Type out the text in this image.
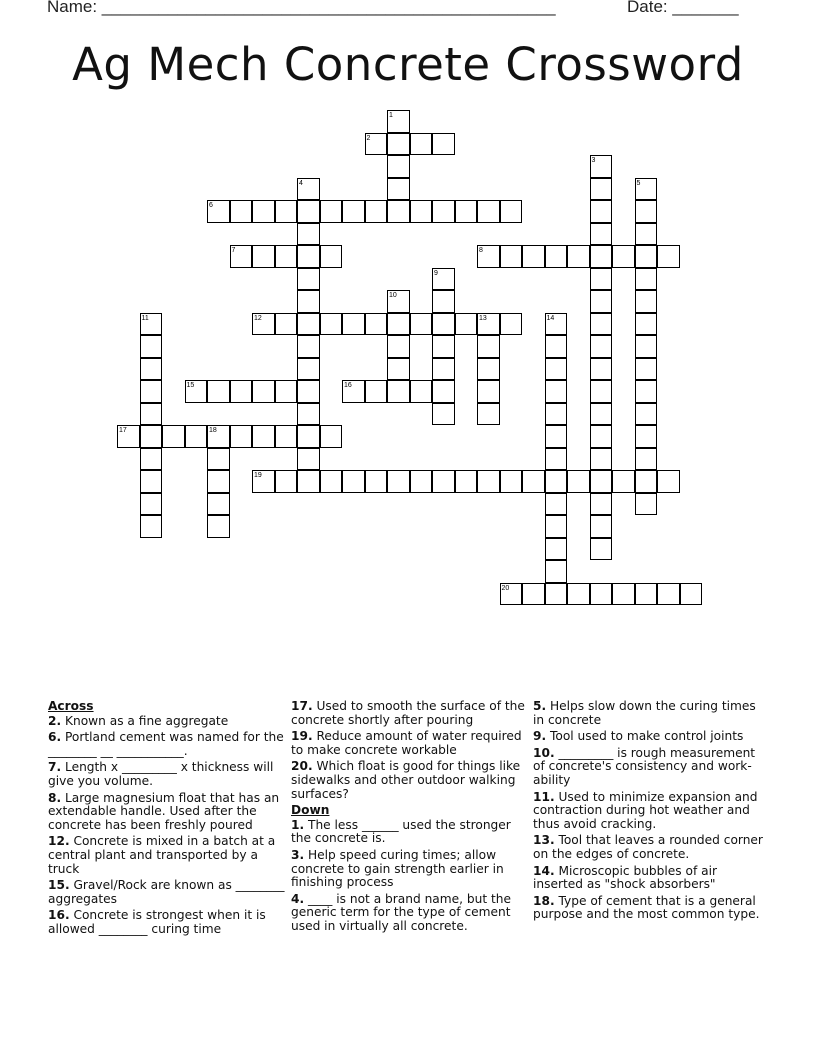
Name: ________________________________________________	Date: _______
Ag Mech Concrete Crossword
1
2
3
4	5
6
7	8
9
10
11	12	13	14
15	16
17	18
19
20
Across
2. Known as a fine aggregate
6. Portland cement was named for the ________ __ ___________.
7. Length x _________ x thickness will give you volume.
8. Large magnesium float that has an extendable handle. Used after the concrete has been freshly poured
12. Concrete is mixed in a batch at a central plant and transported by a truck
15. Gravel/Rock are known as ________ aggregates
16. Concrete is strongest when it is allowed ________ curing time
17. Used to smooth the surface of the concrete shortly after pouring
19. Reduce amount of water required to make concrete workable
20. Which float is good for things like sidewalks and other outdoor walking surfaces?
Down
1. The less ______ used the stronger the concrete is.
3. Help speed curing times; allow concrete to gain strength earlier in finishing process
4. ____ is not a brand name, but the generic term for the type of cement used in virtually all concrete.
5. Helps slow down the curing times in concrete
9. Tool used to make control joints
10. _________ is rough measurement of concrete's consistency and work-ability
11. Used to minimize expansion and contraction during hot weather and thus avoid cracking.
13. Tool that leaves a rounded corner on the edges of concrete.
14. Microscopic bubbles of air inserted as "shock absorbers"
18. Type of cement that is a general purpose and the most common type.
